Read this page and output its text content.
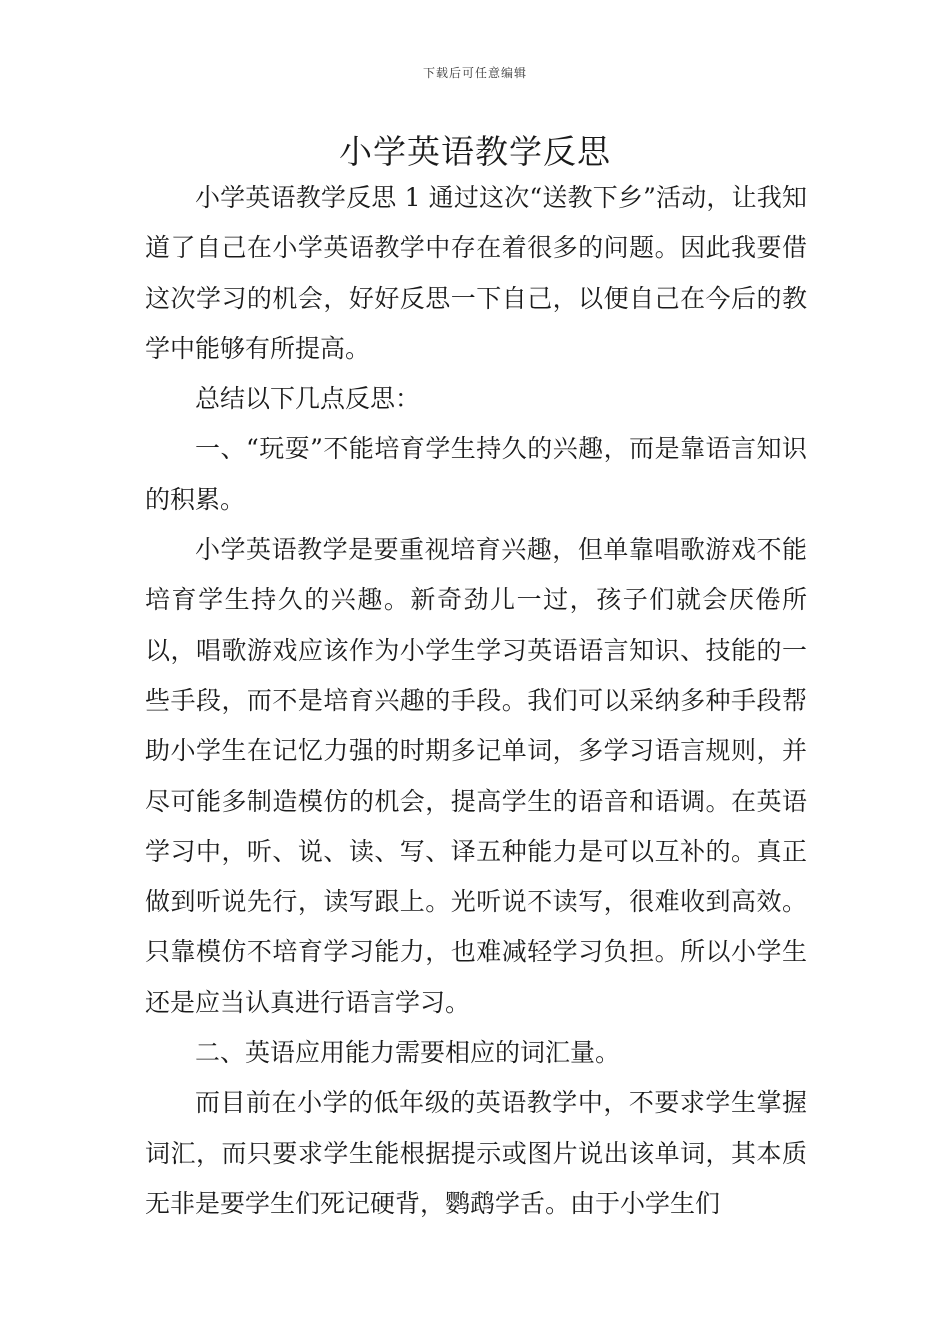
下载后可任意编辑
小学英语教学反思

小学英语教学反思 1 通过这次“送教下乡”活动，让我知道了自己在小学英语教学中存在着很多的问题。因此我要借这次学习的机会，好好反思一下自己，以便自己在今后的教学中能够有所提高。

总结以下几点反思：

一、“玩耍”不能培育学生持久的兴趣，而是靠语言知识的积累。

小学英语教学是要重视培育兴趣，但单靠唱歌游戏不能培育学生持久的兴趣。新奇劲儿一过，孩子们就会厌倦所以，唱歌游戏应该作为小学生学习英语语言知识、技能的一些手段，而不是培育兴趣的手段。我们可以采纳多种手段帮助小学生在记忆力强的时期多记单词，多学习语言规则，并尽可能多制造模仿的机会，提高学生的语音和语调。在英语学习中，听、说、读、写、译五种能力是可以互补的。真正做到听说先行，读写跟上。光听说不读写，很难收到高效。只靠模仿不培育学习能力，也难减轻学习负担。所以小学生还是应当认真进行语言学习。

二、英语应用能力需要相应的词汇量。

而目前在小学的低年级的英语教学中，不要求学生掌握词汇，而只要求学生能根据提示或图片说出该单词，其本质无非是要学生们死记硬背，鹦鹉学舌。由于小学生们
